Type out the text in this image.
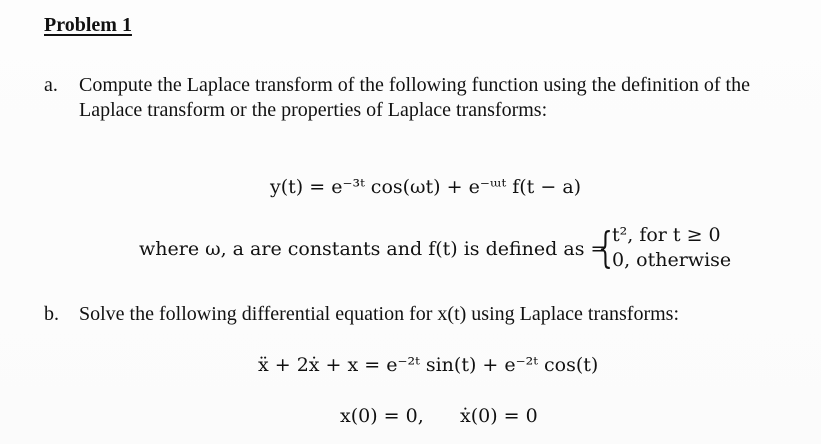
Problem 1
a. Compute the Laplace transform of the following function using the definition of the
Laplace transform or the properties of Laplace transforms:
y(t) = e⁻³ᵗ cos(ωt) + e⁻ᵚᵗ f(t − a)
where ω, a are constants and f(t) is defined as =
{ t², for t ≥ 0
0, otherwise
b. Solve the following differential equation for x(t) using Laplace transforms:
ẍ + 2ẋ + x = e⁻²ᵗ sin(t) + e⁻²ᵗ cos(t)
x(0) = 0,      ẋ(0) = 0
